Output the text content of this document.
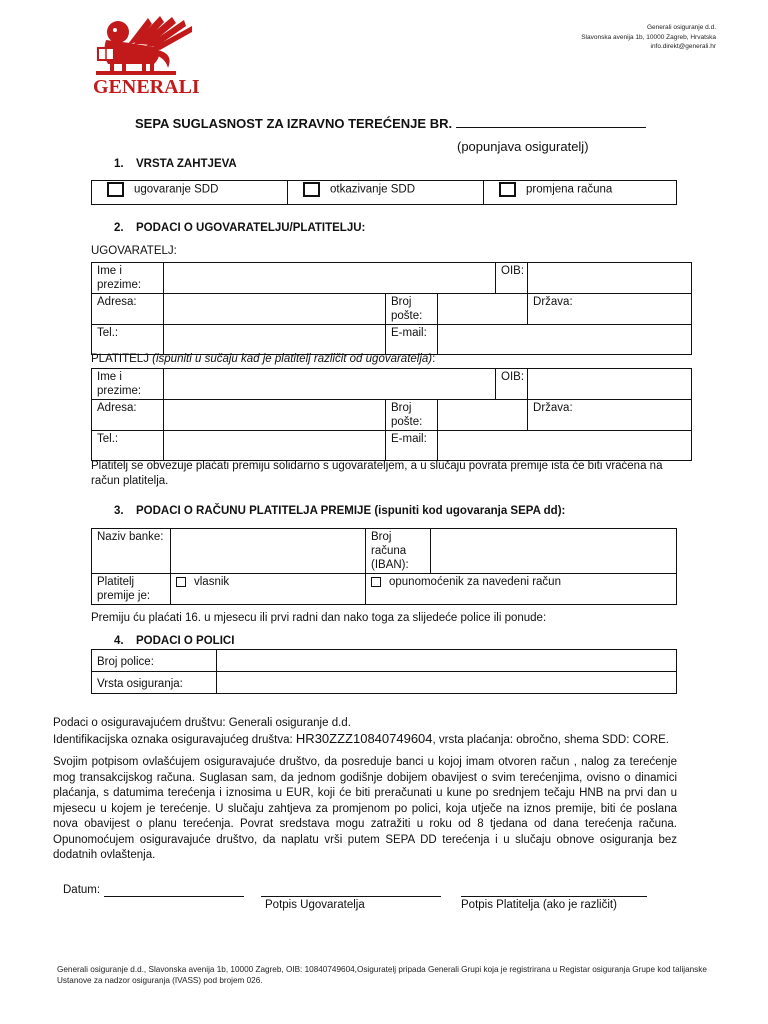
GENERALI
Generali osiguranje d.d.
Slavonska avenija 1b, 10000 Zagreb, Hrvatska
info.direkt@generali.hr
SEPA SUGLASNOST ZA IZRAVNO TEREĆENJE BR.
(popunjava osiguratelj)
1. VRSTA ZAHTJEVA
ugovaranje SDD	otkazivanje SDD	promjena računa
2. PODACI O UGOVARATELJU/PLATITELJU:
UGOVARATELJ:
Ime i prezime:				OIB:	
Adresa:		Broj pošte:			Država:
Tel.:		E-mail:			
PLATITELJ (ispuniti u sučaju kad je platitelj različit od ugovaratelja):
Ime i prezime:				OIB:	
Adresa:		Broj pošte:			Država:
Tel.:		E-mail:			
Platitelj se obvezuje plaćati premiju solidarno s ugovarateljem, a u slučaju povrata premije ista će biti vraćena na račun platitelja.
3. PODACI O RAČUNU PLATITELJA PREMIJE (ispuniti kod ugovaranja SEPA dd):
Naziv banke:		Broj računa (IBAN):	
Platitelj premije je:	vlasnik	opunomoćenik za navedeni račun	
Premiju ću plaćati 16. u mjesecu ili prvi radni dan nako toga za slijedeće police ili ponude:
4. PODACI O POLICI
Broj police:	
Vrsta osiguranja:	
Podaci o osiguravajućem društvu: Generali osiguranje d.d.
Identifikacijska oznaka osiguravajućeg društva: HR30ZZZ10840749604, vrsta plaćanja: obročno, shema SDD: CORE.
Svojim potpisom ovlašćujem osiguravajuće društvo, da posreduje banci u kojoj imam otvoren račun , nalog za terećenje mog transakcijskog računa. Suglasan sam, da jednom godišnje dobijem obavijest o svim terećenjima, ovisno o dinamici plaćanja, s datumima terećenja i iznosima u EUR, koji će biti preračunati u kune po srednjem tečaju HNB na prvi dan u mjesecu u kojem je terećenje. U slučaju zahtjeva za promjenom po polici, koja utječe na iznos premije, biti će poslana nova obavijest o planu terećenja. Povrat sredstava mogu zatražiti u roku od 8 tjedana od dana terećenja računa. Opunomoćujem osiguravajuće društvo, da naplatu vrši putem SEPA DD terećenja i u slučaju obnove osiguranja bez dodatnih ovlaštenja.
Datum:
Potpis Ugovaratelja	Potpis Platitelja (ako je različit)
Generali osiguranje d.d., Slavonska avenija 1b, 10000 Zagreb, OIB: 10840749604,Osiguratelj pripada Generali Grupi koja je registrirana u Registar osiguranja Grupe kod talijanske Ustanove za nadzor osiguranja (IVASS) pod brojem 026.
